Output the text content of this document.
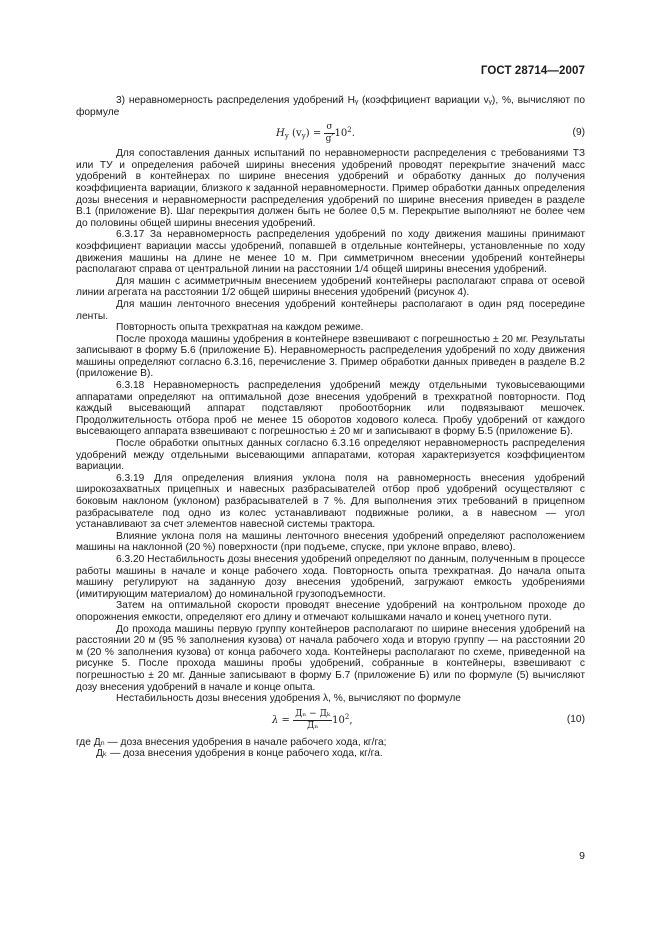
ГОСТ 28714—2007

3) неравномерность распределения удобрений Hᵧ (коэффициент вариации vᵧ), %, вычисляют по формуле

$H_у$ $(v_у) = \frac{\sigma}{g'} 10^2$.	(9)

Для сопоставления данных испытаний по неравномерности распределения с требованиями ТЗ или ТУ и определения рабочей ширины внесения удобрений проводят перекрытие значений масс удобрений в контейнерах по ширине внесения удобрений и обработку данных до получения коэффициента вариации, близкого к заданной неравномерности. Пример обработки данных определения дозы внесения и неравномерности распределения удобрений по ширине внесения приведен в разделе В.1 (приложение В). Шаг перекрытия должен быть не более 0,5 м. Перекрытие выполняют не более чем до половины общей ширины внесения удобрений.

6.3.17 За неравномерность распределения удобрений по ходу движения машины принимают коэффициент вариации массы удобрений, попавшей в отдельные контейнеры, установленные по ходу движения машины на длине не менее 10 м. При симметричном внесении удобрений контейнеры располагают справа от центральной линии на расстоянии 1/4 общей ширины внесения удобрений.

Для машин с асимметричным внесением удобрений контейнеры располагают справа от осевой линии агрегата на расстоянии 1/2 общей ширины внесения удобрений (рисунок 4).

Для машин ленточного внесения удобрений контейнеры располагают в один ряд посередине ленты.

Повторность опыта трехкратная на каждом режиме.

После прохода машины удобрения в контейнере взвешивают с погрешностью ± 20 мг. Результаты записывают в форму Б.6 (приложение Б). Неравномерность распределения удобрений по ходу движения машины определяют согласно 6.3.16, перечисление 3. Пример обработки данных приведен в разделе В.2 (приложение В).

6.3.18 Неравномерность распределения удобрений между отдельными туковысевающими аппаратами определяют на оптимальной дозе внесения удобрений в трехкратной повторности. Под каждый высевающий аппарат подставляют пробоотборник или подвязывают мешочек. Продолжительность отбора проб не менее 15 оборотов ходового колеса. Пробу удобрений от каждого высевающего аппарата взвешивают с погрешностью ± 20 мг и записывают в форму Б.5 (приложение Б).

После обработки опытных данных согласно 6.3.16 определяют неравномерность распределения удобрений между отдельными высевающими аппаратами, которая характеризуется коэффициентом вариации.

6.3.19 Для определения влияния уклона поля на равномерность внесения удобрений широкозахватных прицепных и навесных разбрасывателей отбор проб удобрений осуществляют с боковым наклоном (уклоном) разбрасывателей в 7 %. Для выполнения этих требований в прицепном разбрасывателе под одно из колес устанавливают подвижные ролики, а в навесном — угол устанавливают за счет элементов навесной системы трактора.

Влияние уклона поля на машины ленточного внесения удобрений определяют расположением машины на наклонной (20 %) поверхности (при подъеме, спуске, при уклоне вправо, влево).

6.3.20 Нестабильность дозы внесения удобрений определяют по данным, полученным в процессе работы машины в начале и конце рабочего хода. Повторность опыта трехкратная. До начала опыта машину регулируют на заданную дозу внесения удобрений, загружают емкость удобрениями (имитирующим материалом) до номинальной грузоподъемности.

Затем на оптимальной скорости проводят внесение удобрений на контрольном проходе до опорожнения емкости, определяют его длину и отмечают колышками начало и конец учетного пути.

До прохода машины первую группу контейнеров располагают по ширине внесения удобрений на расстоянии 20 м (95 % заполнения кузова) от начала рабочего хода и вторую группу — на расстоянии 20 м (20 % заполнения кузова) от конца рабочего хода. Контейнеры располагают по схеме, приведенной на рисунке 5. После прохода машины пробы удобрений, собранные в контейнеры, взвешивают с погрешностью ± 20 мг. Данные записывают в форму Б.7 (приложение Б) или по формуле (5) вычисляют дозу внесения удобрений в начале и конце опыта.

Нестабильность дозы внесения удобрения λ, %, вычисляют по формуле

$\lambda = \frac{\text{Дₙ − Дₖ}}{\text{Дₙ}} 10^2$,	(10)

где Дₙ — доза внесения удобрения в начале рабочего хода, кг/га;

Дₖ — доза внесения удобрения в конце рабочего хода, кг/га.

9
